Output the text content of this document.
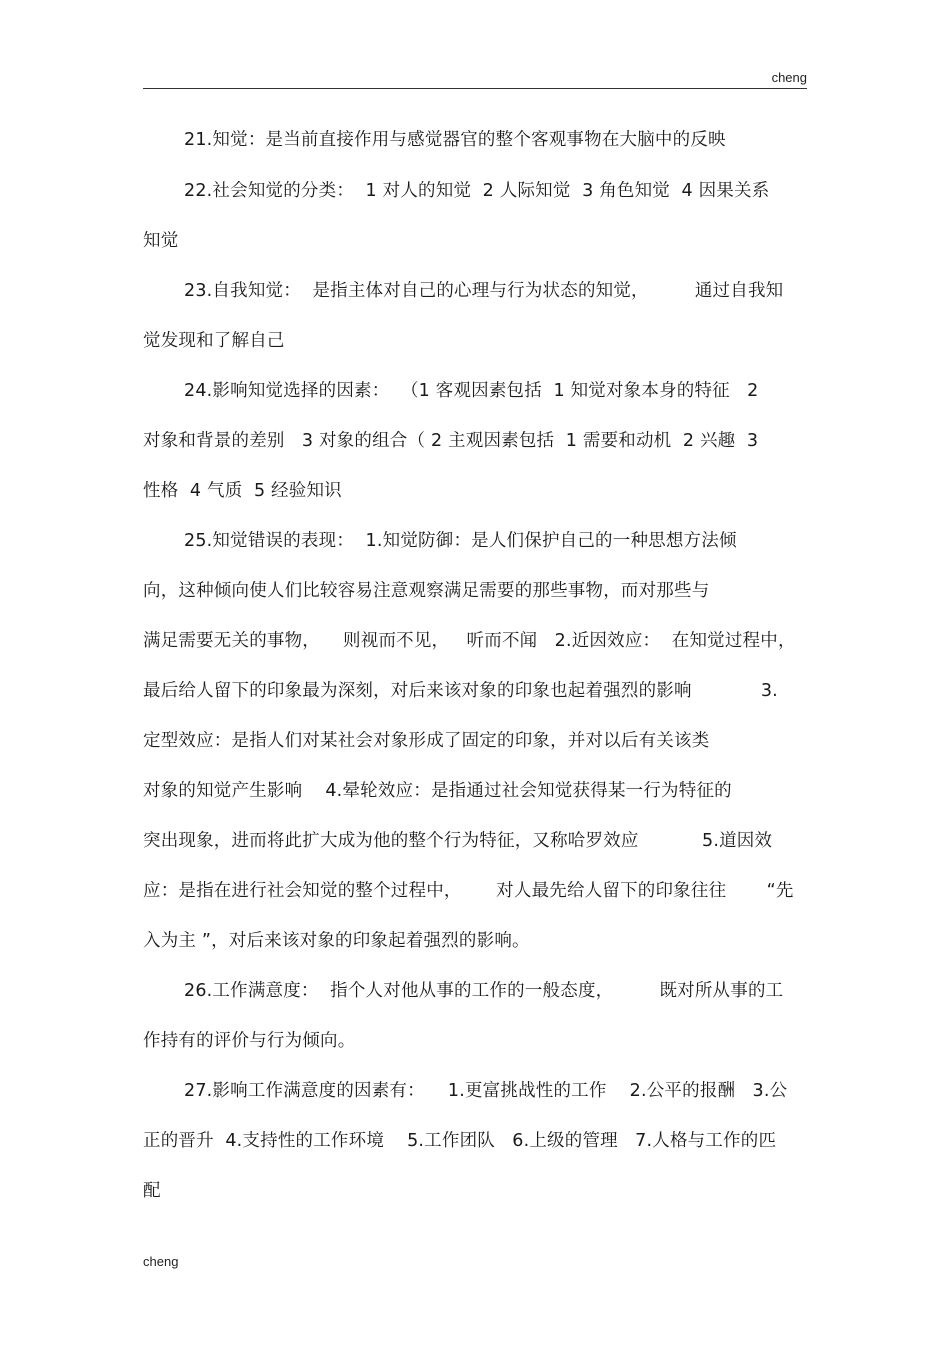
cheng
21.知觉：是当前直接作用与感觉器官的整个客观事物在大脑中的反映
22.社会知觉的分类：  1 对人的知觉  2 人际知觉  3 角色知觉  4 因果关系
知觉
23.自我知觉：  是指主体对自己的心理与行为状态的知觉，        通过自我知
觉发现和了解自己
24.影响知觉选择的因素：  （1 客观因素包括  1 知觉对象本身的特征   2
对象和背景的差别   3 对象的组合（ 2 主观因素包括  1 需要和动机  2 兴趣  3
性格  4 气质  5 经验知识
25.知觉错误的表现：  1.知觉防御：是人们保护自己的一种思想方法倾
向，这种倾向使人们比较容易注意观察满足需要的那些事物，而对那些与
满足需要无关的事物，    则视而不见，   听而不闻   2.近因效应：  在知觉过程中，
最后给人留下的印象最为深刻，对后来该对象的印象也起着强烈的影响            3.
定型效应：是指人们对某社会对象形成了固定的印象，并对以后有关该类
对象的知觉产生影响    4.晕轮效应：是指通过社会知觉获得某一行为特征的
突出现象，进而将此扩大成为他的整个行为特征，又称哈罗效应           5.道因效
应：是指在进行社会知觉的整个过程中，      对人最先给人留下的印象往往       “先
入为主 ”，对后来该对象的印象起着强烈的影响。
26.工作满意度：  指个人对他从事的工作的一般态度，        既对所从事的工
作持有的评价与行为倾向。
27.影响工作满意度的因素有：    1.更富挑战性的工作    2.公平的报酬   3.公
正的晋升  4.支持性的工作环境    5.工作团队   6.上级的管理   7.人格与工作的匹
配
cheng
